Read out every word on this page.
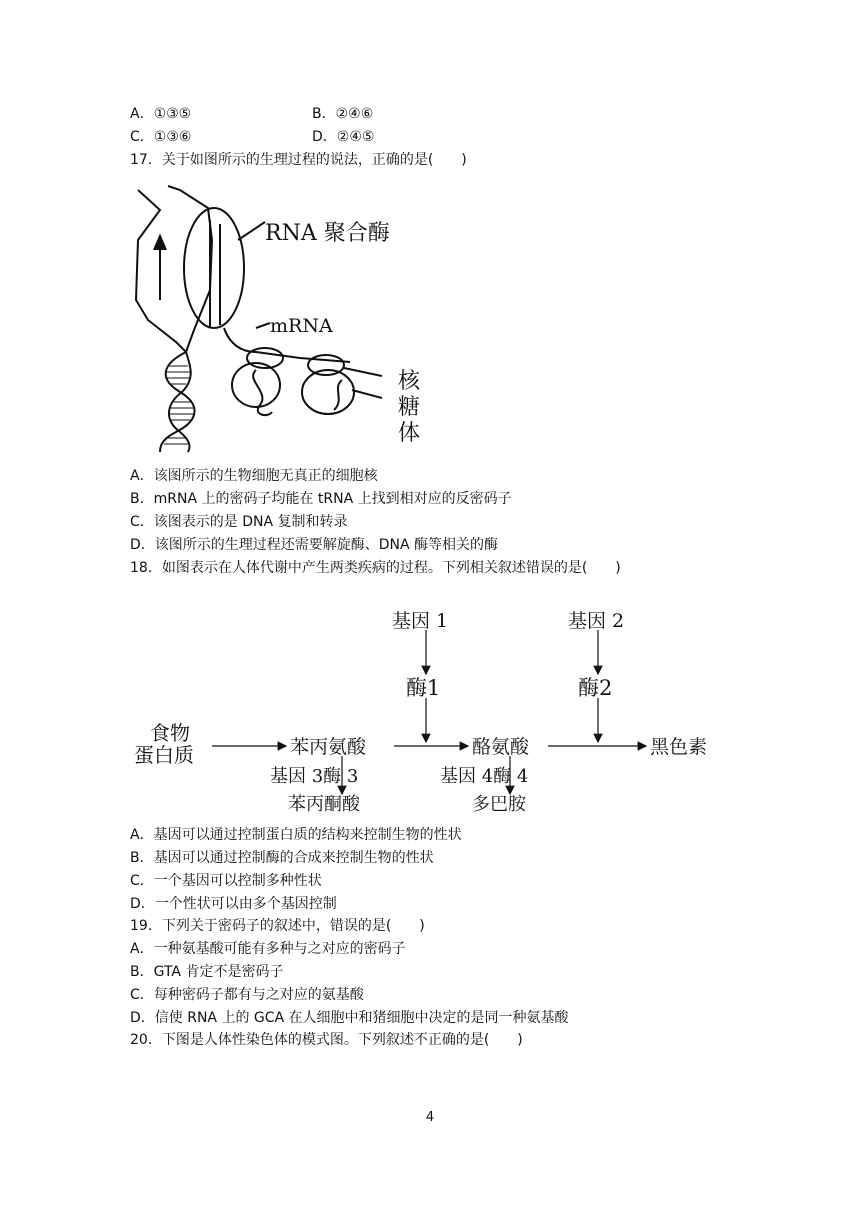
A．①③⑤	B．②④⑥
C．①③⑥	D．②④⑤
17．关于如图所示的生理过程的说法，正确的是(　　)
RNA 聚合酶
mRNA
核
糖
体
A．该图所示的生物细胞无真正的细胞核
B．mRNA 上的密码子均能在 tRNA 上找到相对应的反密码子
C．该图表示的是 DNA 复制和转录
D．该图所示的生理过程还需要解旋酶、DNA 酶等相关的酶
18．如图表示在人体代谢中产生两类疾病的过程。下列相关叙述错误的是(　　)
基因 1	基因 2
酶1	酶2
食物
蛋白质	苯丙氨酸	酪氨酸	黑色素
基因 3酶 3	基因 4酶 4
苯丙酮酸	多巴胺
A．基因可以通过控制蛋白质的结构来控制生物的性状
B．基因可以通过控制酶的合成来控制生物的性状
C．一个基因可以控制多种性状
D．一个性状可以由多个基因控制
19．下列关于密码子的叙述中，错误的是(　　)
A．一种氨基酸可能有多种与之对应的密码子
B．GTA 肯定不是密码子
C．每种密码子都有与之对应的氨基酸
D．信使 RNA 上的 GCA 在人细胞中和猪细胞中决定的是同一种氨基酸
20．下图是人体性染色体的模式图。下列叙述不正确的是(　　)
4
